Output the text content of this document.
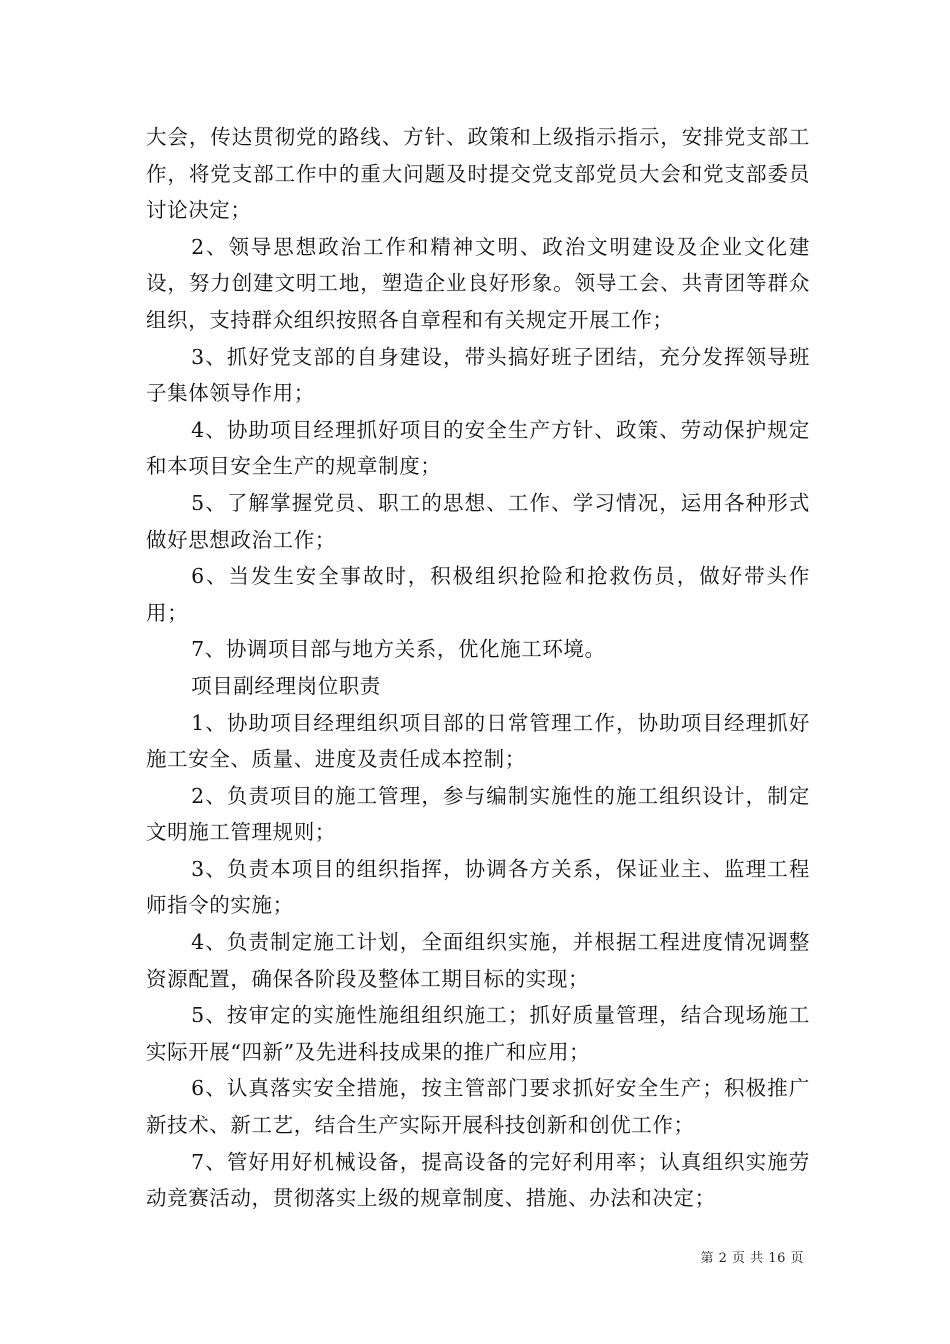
大会，传达贯彻党的路线、方针、政策和上级指示指示，安排党支部工作，将党支部工作中的重大问题及时提交党支部党员大会和党支部委员讨论决定；

2、领导思想政治工作和精神文明、政治文明建设及企业文化建设，努力创建文明工地，塑造企业良好形象。领导工会、共青团等群众组织，支持群众组织按照各自章程和有关规定开展工作；

3、抓好党支部的自身建设，带头搞好班子团结，充分发挥领导班子集体领导作用；

4、协助项目经理抓好项目的安全生产方针、政策、劳动保护规定和本项目安全生产的规章制度；

5、了解掌握党员、职工的思想、工作、学习情况，运用各种形式做好思想政治工作；

6、当发生安全事故时，积极组织抢险和抢救伤员，做好带头作用；

7、协调项目部与地方关系，优化施工环境。

项目副经理岗位职责

1、协助项目经理组织项目部的日常管理工作，协助项目经理抓好施工安全、质量、进度及责任成本控制；

2、负责项目的施工管理，参与编制实施性的施工组织设计，制定文明施工管理规则；

3、负责本项目的组织指挥，协调各方关系，保证业主、监理工程师指令的实施；

4、负责制定施工计划，全面组织实施，并根据工程进度情况调整资源配置，确保各阶段及整体工期目标的实现；

5、按审定的实施性施组组织施工；抓好质量管理，结合现场施工实际开展“四新”及先进科技成果的推广和应用；

6、认真落实安全措施，按主管部门要求抓好安全生产；积极推广新技术、新工艺，结合生产实际开展科技创新和创优工作；

7、管好用好机械设备，提高设备的完好利用率；认真组织实施劳动竞赛活动，贯彻落实上级的规章制度、措施、办法和决定；

第 2 页 共 16 页
